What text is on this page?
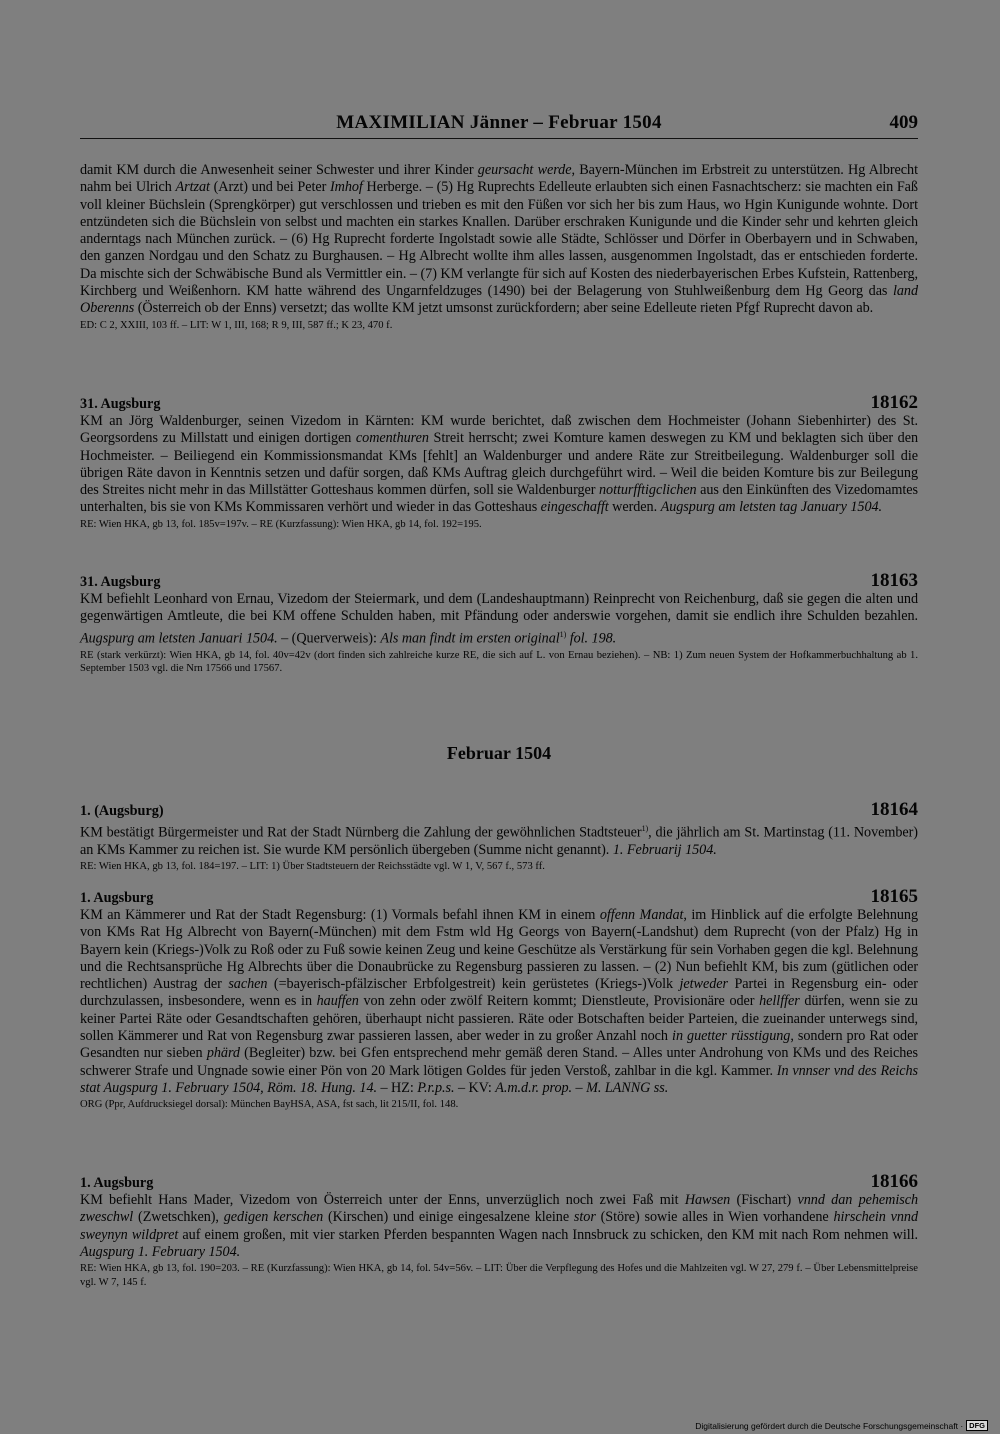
MAXIMILIAN Jänner – Februar 1504	409

damit KM durch die Anwesenheit seiner Schwester und ihrer Kinder geursacht werde, Bayern-München im Erbstreit zu unterstützen. Hg Albrecht nahm bei Ulrich Artzat (Arzt) und bei Peter Imhof Herberge. – (5) Hg Ruprechts Edelleute erlaubten sich einen Fasnachtscherz: sie machten ein Faß voll kleiner Büchslein (Sprengkörper) gut verschlossen und trieben es mit den Füßen vor sich her bis zum Haus, wo Hgin Kunigunde wohnte. Dort entzündeten sich die Büchslein von selbst und machten ein starkes Knallen. Darüber erschraken Kunigunde und die Kinder sehr und kehrten gleich anderntags nach München zurück. – (6) Hg Ruprecht forderte Ingolstadt sowie alle Städte, Schlösser und Dörfer in Oberbayern und in Schwaben, den ganzen Nordgau und den Schatz zu Burghausen. – Hg Albrecht wollte ihm alles lassen, ausgenommen Ingolstadt, das er entschieden forderte. Da mischte sich der Schwäbische Bund als Vermittler ein. – (7) KM verlangte für sich auf Kosten des niederbayerischen Erbes Kufstein, Rattenberg, Kirchberg und Weißenhorn. KM hatte während des Ungarnfeldzuges (1490) bei der Belagerung von Stuhlweißenburg dem Hg Georg das land Oberenns (Österreich ob der Enns) versetzt; das wollte KM jetzt umsonst zurückfordern; aber seine Edelleute rieten Pfgf Ruprecht davon ab.

ED: C 2, XXIII, 103 ff. – LIT: W 1, III, 168; R 9, III, 587 ff.; K 23, 470 f.

31. Augsburg	18162

KM an Jörg Waldenburger, seinen Vizedom in Kärnten: KM wurde berichtet, daß zwischen dem Hochmeister (Johann Siebenhirter) des St. Georgsordens zu Millstatt und einigen dortigen comenthuren Streit herrscht; zwei Komture kamen deswegen zu KM und beklagten sich über den Hochmeister. – Beiliegend ein Kommissionsmandat KMs [fehlt] an Waldenburger und andere Räte zur Streitbeilegung. Waldenburger soll die übrigen Räte davon in Kenntnis setzen und dafür sorgen, daß KMs Auftrag gleich durchgeführt wird. – Weil die beiden Komture bis zur Beilegung des Streites nicht mehr in das Millstätter Gotteshaus kommen dürfen, soll sie Waldenburger notturfftigclichen aus den Einkünften des Vizedomamtes unterhalten, bis sie von KMs Kommissaren verhört und wieder in das Gotteshaus eingeschafft werden. Augspurg am letsten tag January 1504.

RE: Wien HKA, gb 13, fol. 185v=197v. – RE (Kurzfassung): Wien HKA, gb 14, fol. 192=195.

31. Augsburg	18163

KM befiehlt Leonhard von Ernau, Vizedom der Steiermark, und dem (Landeshauptmann) Reinprecht von Reichenburg, daß sie gegen die alten und gegenwärtigen Amtleute, die bei KM offene Schulden haben, mit Pfändung oder anderswie vorgehen, damit sie endlich ihre Schulden bezahlen. Augspurg am letsten Januari 1504. – (Querverweis): Als man findt im ersten original$^{1)}$ fol. 198.

RE (stark verkürzt): Wien HKA, gb 14, fol. 40v=42v (dort finden sich zahlreiche kurze RE, die sich auf L. von Ernau beziehen). – NB: 1) Zum neuen System der Hofkammerbuchhaltung ab 1. September 1503 vgl. die Nrn 17566 und 17567.

Februar 1504
1. (Augsburg)	18164

KM bestätigt Bürgermeister und Rat der Stadt Nürnberg die Zahlung der gewöhnlichen Stadtsteuer$^{1)}$, die jährlich am St. Martinstag (11. November) an KMs Kammer zu reichen ist. Sie wurde KM persönlich übergeben (Summe nicht genannt). 1. Februarij 1504.

RE: Wien HKA, gb 13, fol. 184=197. – LIT: 1) Über Stadtsteuern der Reichsstädte vgl. W 1, V, 567 f., 573 ff.

1. Augsburg	18165

KM an Kämmerer und Rat der Stadt Regensburg: (1) Vormals befahl ihnen KM in einem offenn Mandat, im Hinblick auf die erfolgte Belehnung von KMs Rat Hg Albrecht von Bayern(-München) mit dem Fstm wld Hg Georgs von Bayern(-Landshut) dem Ruprecht (von der Pfalz) Hg in Bayern kein (Kriegs-)Volk zu Roß oder zu Fuß sowie keinen Zeug und keine Geschütze als Verstärkung für sein Vorhaben gegen die kgl. Belehnung und die Rechtsansprüche Hg Albrechts über die Donaubrücke zu Regensburg passieren zu lassen. – (2) Nun befiehlt KM, bis zum (gütlichen oder rechtlichen) Austrag der sachen (=bayerisch-pfälzischer Erbfolgestreit) kein gerüstetes (Kriegs-)Volk jetweder Partei in Regensburg ein- oder durchzulassen, insbesondere, wenn es in hauffen von zehn oder zwölf Reitern kommt; Dienstleute, Provisionäre oder hellffer dürfen, wenn sie zu keiner Partei Räte oder Gesandtschaften gehören, überhaupt nicht passieren. Räte oder Botschaften beider Parteien, die zueinander unterwegs sind, sollen Kämmerer und Rat von Regensburg zwar passieren lassen, aber weder in zu großer Anzahl noch in guetter rüsstigung, sondern pro Rat oder Gesandten nur sieben phärd (Begleiter) bzw. bei Gfen entsprechend mehr gemäß deren Stand. – Alles unter Androhung von KMs und des Reiches schwerer Strafe und Ungnade sowie einer Pön von 20 Mark lötigen Goldes für jeden Verstoß, zahlbar in die kgl. Kammer. In vnnser vnd des Reichs stat Augspurg 1. February 1504, Röm. 18. Hung. 14. – HZ: P.r.p.s. – KV: A.m.d.r. prop. – M. LANNG ss.

ORG (Ppr, Aufdrucksiegel dorsal): München BayHSA, ASA, fst sach, lit 215/II, fol. 148.

1. Augsburg	18166

KM befiehlt Hans Mader, Vizedom von Österreich unter der Enns, unverzüglich noch zwei Faß mit Hawsen (Fischart) vnnd dan pehemisch zweschwl (Zwetschken), gedigen kerschen (Kirschen) und einige eingesalzene kleine stor (Störe) sowie alles in Wien vorhandene hirschein vnnd sweynyn wildpret auf einem großen, mit vier starken Pferden bespannten Wagen nach Innsbruck zu schicken, den KM mit nach Rom nehmen will. Augspurg 1. February 1504.

RE: Wien HKA, gb 13, fol. 190=203. – RE (Kurzfassung): Wien HKA, gb 14, fol. 54v=56v. – LIT: Über die Verpflegung des Hofes und die Mahlzeiten vgl. W 27, 279 f. – Über Lebensmittelpreise vgl. W 7, 145 f.

Digitalisierung gefördert durch die Deutsche Forschungsgemeinschaft · DFG
